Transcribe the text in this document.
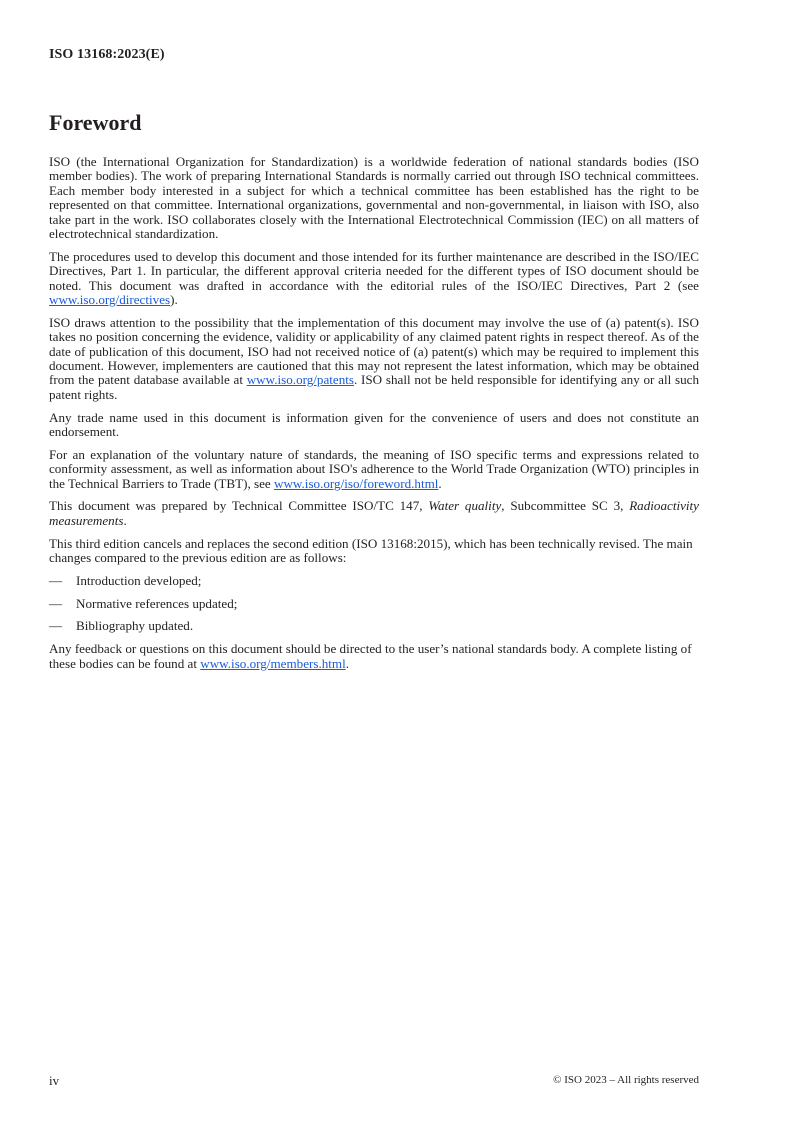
ISO 13168:2023(E)
Foreword

ISO (the International Organization for Standardization) is a worldwide federation of national standards bodies (ISO member bodies). The work of preparing International Standards is normally carried out through ISO technical committees. Each member body interested in a subject for which a technical committee has been established has the right to be represented on that committee. International organizations, governmental and non-governmental, in liaison with ISO, also take part in the work. ISO collaborates closely with the International Electrotechnical Commission (IEC) on all matters of electrotechnical standardization.

The procedures used to develop this document and those intended for its further maintenance are described in the ISO/IEC Directives, Part 1. In particular, the different approval criteria needed for the different types of ISO document should be noted. This document was drafted in accordance with the editorial rules of the ISO/IEC Directives, Part 2 (see www.iso.org/directives).

ISO draws attention to the possibility that the implementation of this document may involve the use of (a) patent(s). ISO takes no position concerning the evidence, validity or applicability of any claimed patent rights in respect thereof. As of the date of publication of this document, ISO had not received notice of (a) patent(s) which may be required to implement this document. However, implementers are cautioned that this may not represent the latest information, which may be obtained from the patent database available at www.iso.org/patents. ISO shall not be held responsible for identifying any or all such patent rights.

Any trade name used in this document is information given for the convenience of users and does not constitute an endorsement.

For an explanation of the voluntary nature of standards, the meaning of ISO specific terms and expressions related to conformity assessment, as well as information about ISO's adherence to the World Trade Organization (WTO) principles in the Technical Barriers to Trade (TBT), see www.iso.org/iso/foreword.html.

This document was prepared by Technical Committee ISO/TC 147, Water quality, Subcommittee SC 3, Radioactivity measurements.

This third edition cancels and replaces the second edition (ISO 13168:2015), which has been technically revised. The main changes compared to the previous edition are as follows:

—	Introduction developed;
—	Normative references updated;
—	Bibliography updated.

Any feedback or questions on this document should be directed to the user’s national standards body. A complete listing of these bodies can be found at www.iso.org/members.html.

iv	© ISO 2023 – All rights reserved
